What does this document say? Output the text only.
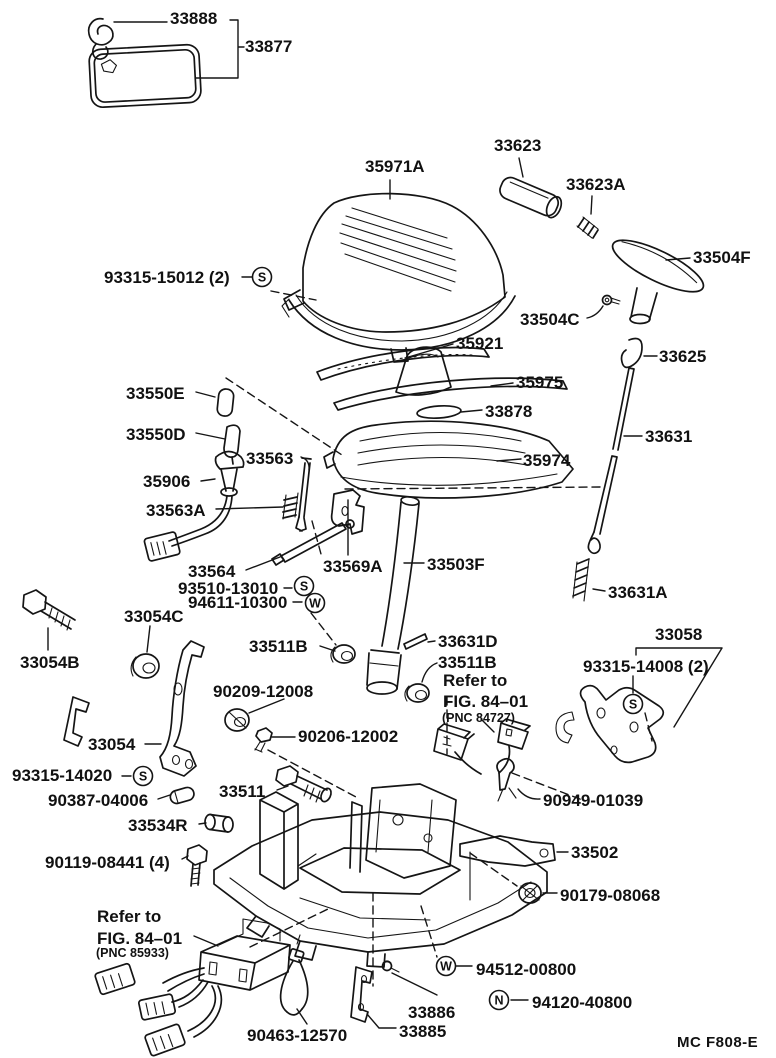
33888
33877
35971A
33623
33623A
33504F
33504C
93315-15012 (2)
35921
33625
35975
33550E
33878
33631
33550D
33563	35974
35906
33563A
33564
93510-13010
94611-10300
33569A	33503F
33631A
33631D
33054C
33058
33054B
33511B
93315-14008 (2)
33511B
90209-12008
90206-12002
33054
93315-14020
33511	90949-01039
90387-04006
33534R
90119-08441 (4)
33502
90179-08068
94512-00800
33886
94120-40800
33885
90463-12570
Refer to
FIG. 84–01
(PNC 84727)
Refer to
FIG. 84–01
(PNC 85933)
MC F808-E
S
S
W
S
S
W
N
